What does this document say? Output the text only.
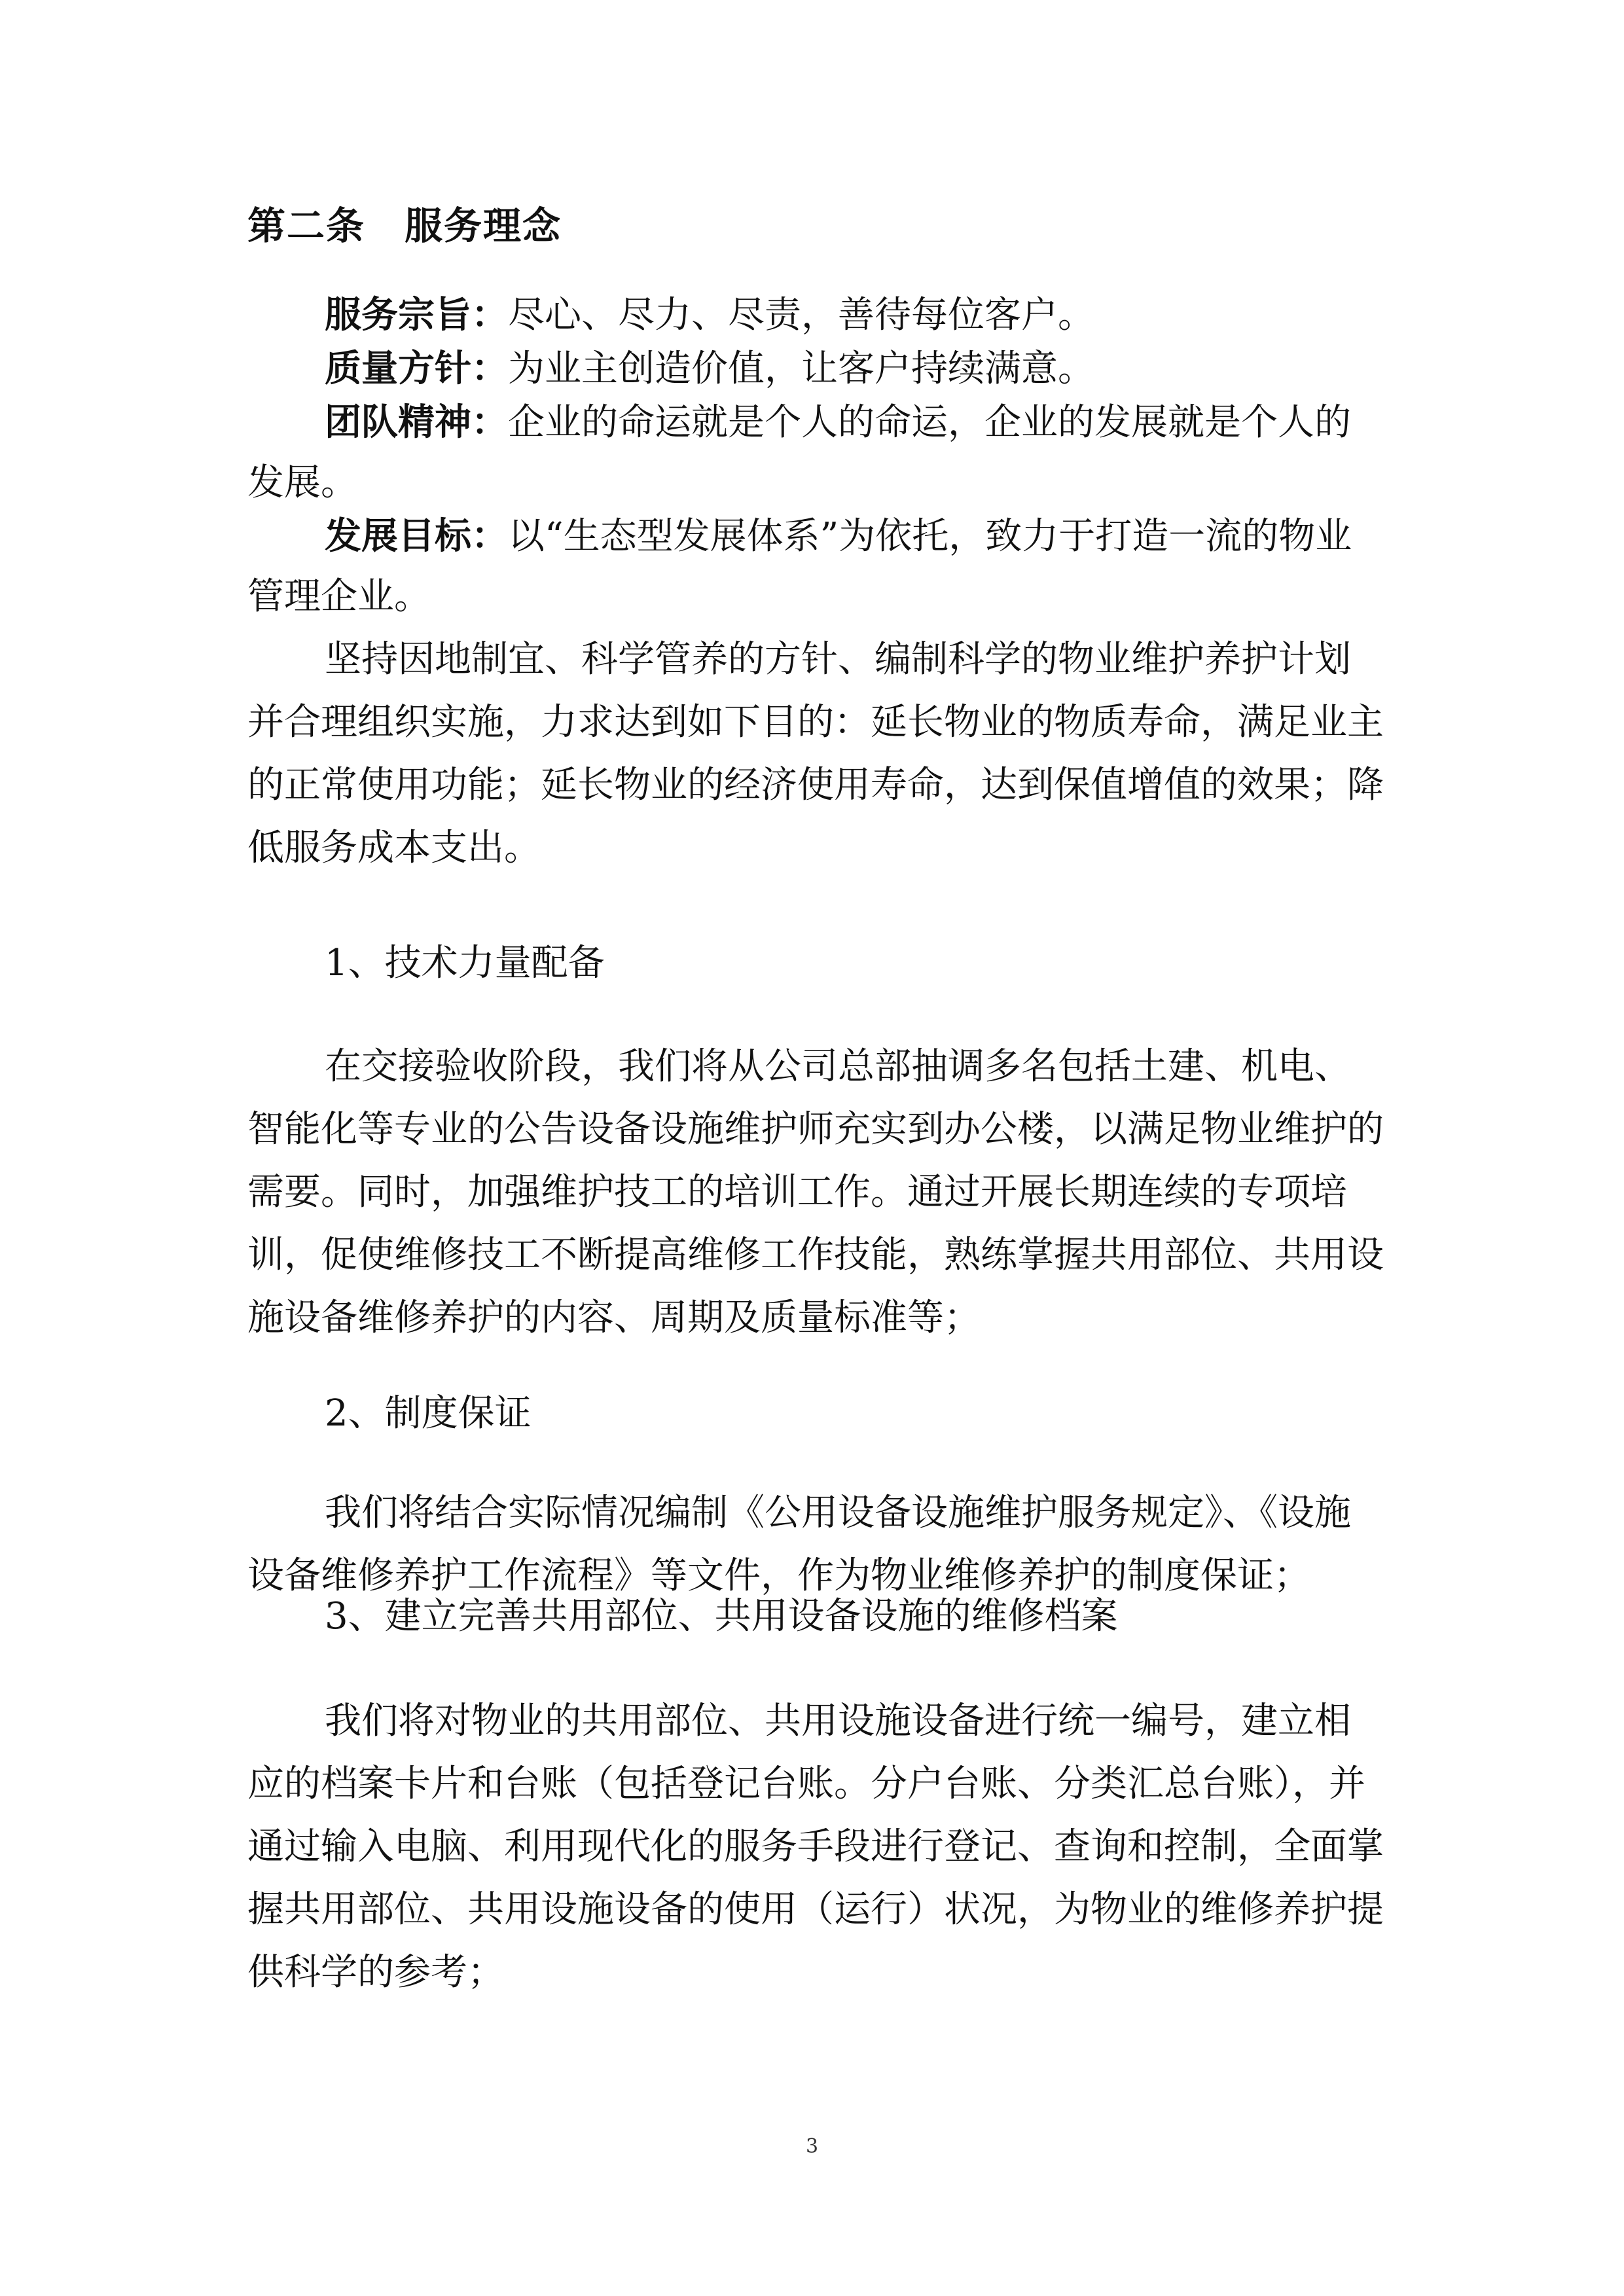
第二条　服务理念

服务宗旨：尽心、尽力、尽责，善待每位客户。

质量方针：为业主创造价值，让客户持续满意。

团队精神：企业的命运就是个人的命运，企业的发展就是个人的发展。

发展目标：以“生态型发展体系”为依托，致力于打造一流的物业管理企业。

坚持因地制宜、科学管养的方针、编制科学的物业维护养护计划并合理组织实施，力求达到如下目的：延长物业的物质寿命，满足业主的正常使用功能；延长物业的经济使用寿命，达到保值增值的效果；降低服务成本支出。

1、技术力量配备

在交接验收阶段，我们将从公司总部抽调多名包括土建、机电、智能化等专业的公告设备设施维护师充实到办公楼，以满足物业维护的需要。同时，加强维护技工的培训工作。通过开展长期连续的专项培训，促使维修技工不断提高维修工作技能，熟练掌握共用部位、共用设施设备维修养护的内容、周期及质量标准等；

2、制度保证

我们将结合实际情况编制《公用设备设施维护服务规定》、《设施设备维修养护工作流程》等文件，作为物业维修养护的制度保证；

3、建立完善共用部位、共用设备设施的维修档案

我们将对物业的共用部位、共用设施设备进行统一编号，建立相应的档案卡片和台账（包括登记台账。分户台账、分类汇总台账），并通过输入电脑、利用现代化的服务手段进行登记、查询和控制，全面掌握共用部位、共用设施设备的使用（运行）状况，为物业的维修养护提供科学的参考；

3
